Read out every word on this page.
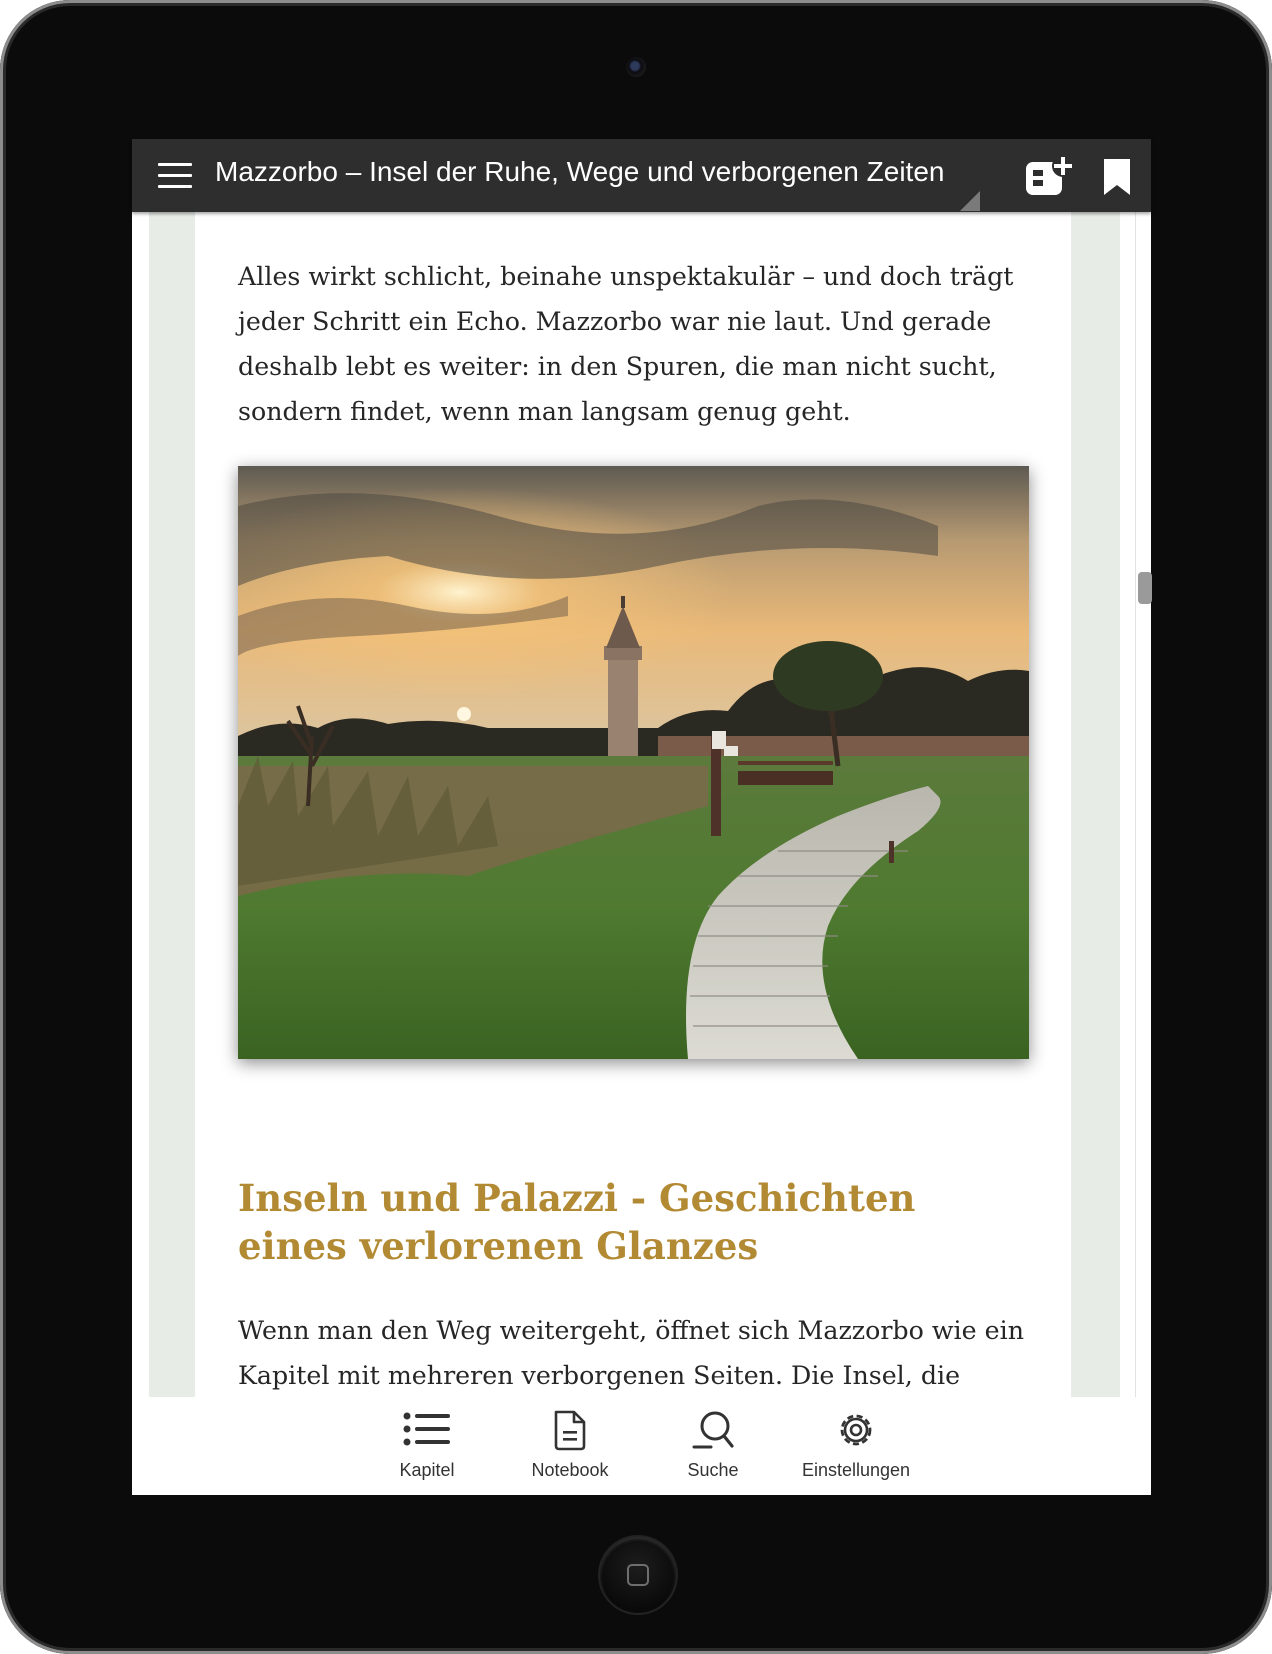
Mazzorbo – Insel der Ruhe, Wege und verborgenen Zeiten

Alles wirkt schlicht, beinahe unspektakulär – und doch trägt jeder Schritt ein Echo. Mazzorbo war nie laut. Und gerade deshalb lebt es weiter: in den Spuren, die man nicht sucht, sondern findet, wenn man langsam genug geht.

Inseln und Palazzi - Geschichten eines verlorenen Glanzes

Wenn man den Weg weitergeht, öffnet sich Mazzorbo wie ein Kapitel mit mehreren verborgenen Seiten. Die Insel, die

Kapitel	Notebook	Suche	Einstellungen
